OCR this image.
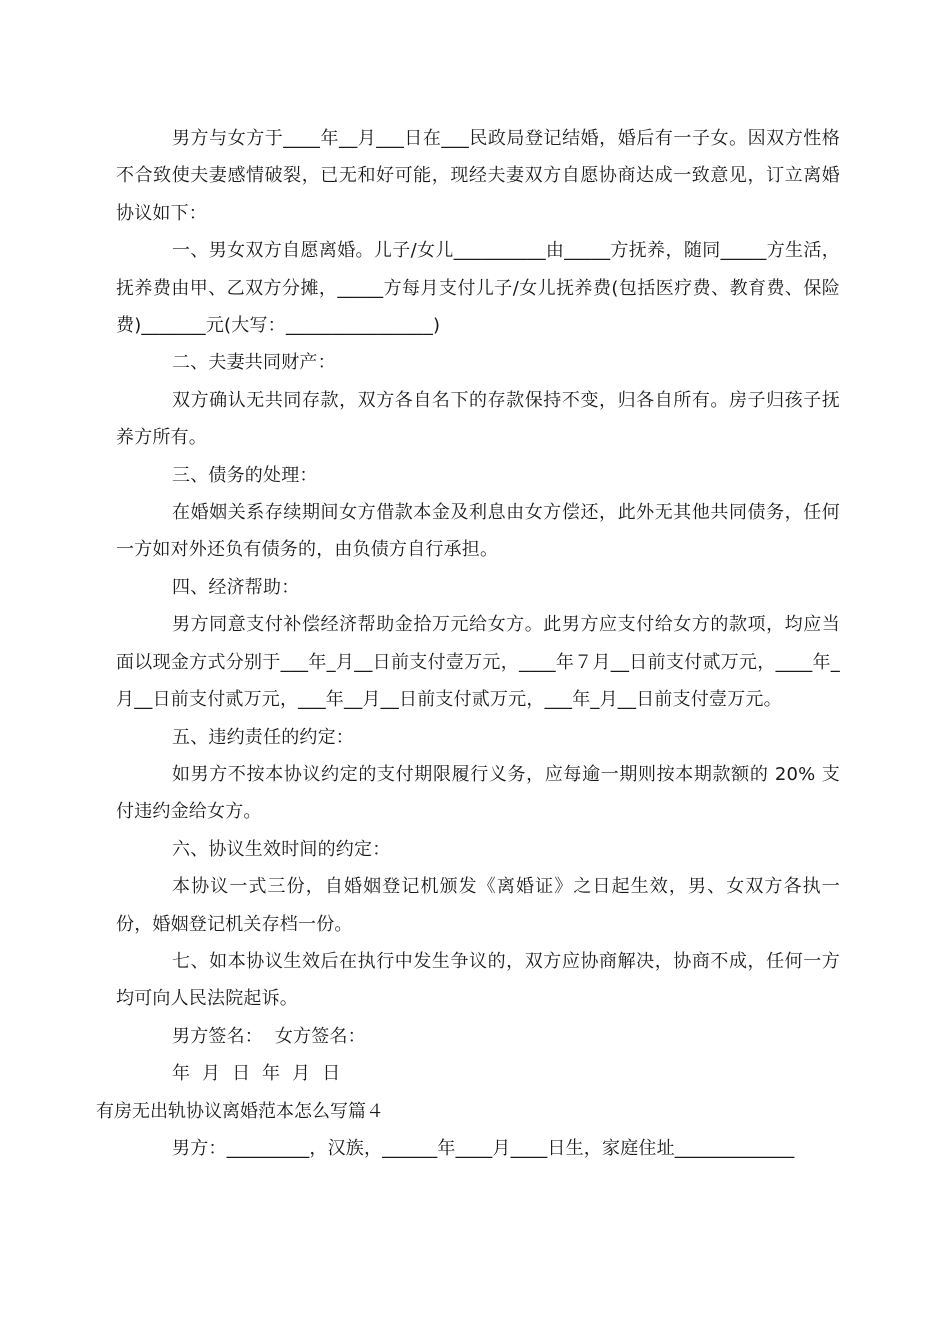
男方与女方于____年__月___日在___民政局登记结婚，婚后有一子女。因双方性格不合致使夫妻感情破裂，已无和好可能，现经夫妻双方自愿协商达成一致意见，订立离婚协议如下：

一、男女双方自愿离婚。儿子/女儿__________由_____方抚养，随同_____方生活，抚养费由甲、乙双方分摊，_____方每月支付儿子/女儿抚养费(包括医疗费、教育费、保险费)_______元(大写：________________)

二、夫妻共同财产：

双方确认无共同存款，双方各自名下的存款保持不变，归各自所有。房子归孩子抚养方所有。

三、债务的处理：

在婚姻关系存续期间女方借款本金及利息由女方偿还，此外无其他共同债务，任何一方如对外还负有债务的，由负债方自行承担。

四、经济帮助：

男方同意支付补偿经济帮助金拾万元给女方。此男方应支付给女方的款项，均应当面以现金方式分别于___年_月__日前支付壹万元，____年７月__日前支付贰万元，____年_月__日前支付贰万元，___年__月__日前支付贰万元，___年_月__日前支付壹万元。

五、违约责任的约定：

如男方不按本协议约定的支付期限履行义务，应每逾一期则按本期款额的 20% 支付违约金给女方。

六、协议生效时间的约定：

本协议一式三份，自婚姻登记机颁发《离婚证》之日起生效，男、女双方各执一份，婚姻登记机关存档一份。

七、如本协议生效后在执行中发生争议的，双方应协商解决，协商不成，任何一方均可向人民法院起诉。

男方签名：  女方签名：

年  月  日  年  月  日

有房无出轨协议离婚范本怎么写篇４

男方：_________，汉族，______年____月____日生，家庭住址_____________
